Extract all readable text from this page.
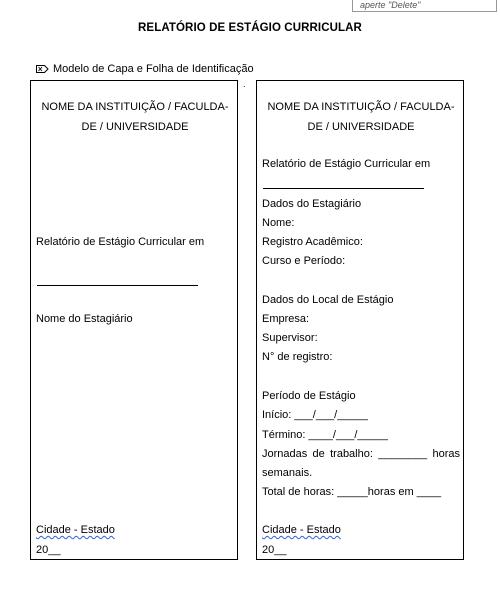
aperte "Delete"
RELATÓRIO DE ESTÁGIO CURRICULAR
Modelo de Capa e Folha de Identificação
.
NOME DA INSTITUIÇÃO / FACULDA-
DE / UNIVERSIDADE
Relatório de Estágio Curricular em
Nome do Estagiário
Cidade - Estado
20__
NOME DA INSTITUIÇÃO / FACULDA-
DE / UNIVERSIDADE
Relatório de Estágio Curricular em
Dados do Estagiário
Nome:
Registro Acadêmico:
Curso e Período:
Dados do Local de Estágio
Empresa:
Supervisor:
N° de registro:
Período de Estágio
Início: ___/___/_____
Término: ____/___/_____
Jornadas de trabalho: ________ horas
semanais.
Total de horas: _____horas em ____
Cidade - Estado
20__
